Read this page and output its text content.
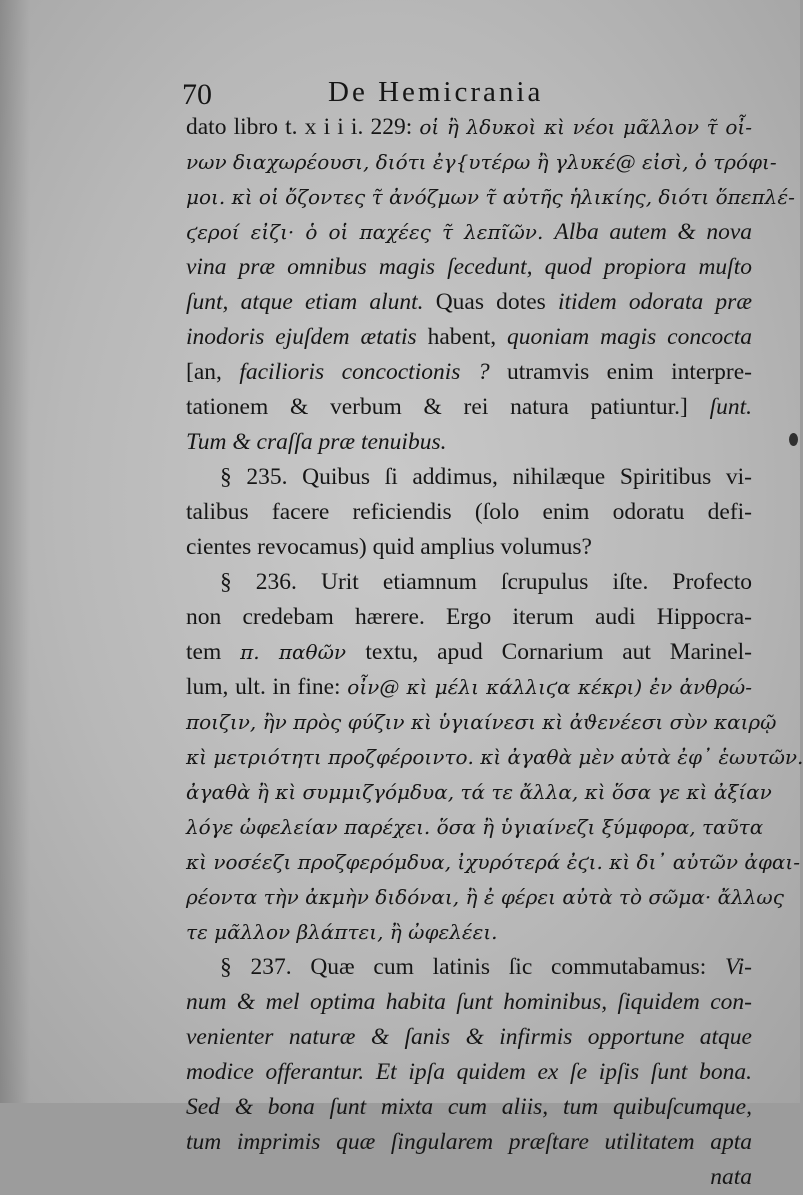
70	De Hemicrania
dato libro t. x i i i. 229: οἱ ἢ λδυκοὶ κὶ νέοι μᾶλλον τ̃ οἶ-
νων διαχωρέουσι, διότι ἐγ{υτέρω ἢ γλυκέ@ εἰσὶ, ὁ τρόφι-
μοι. κὶ οἱ ὄζοντες τ̃ ἀνόζμων τ̃ αὐτῆς ἡλικίης, διότι ὅπεπλέ-
ϛεροί εἰζι· ὁ οἱ παχέες τ̃ λεπῖῶν. Alba autem & nova
vina præ omnibus magis ſecedunt, quod propiora muſto
ſunt, atque etiam alunt. Quas dotes itidem odorata præ
inodoris ejuſdem ætatis habent, quoniam magis concocta
[an, facilioris concoctionis ? utramvis enim interpre-
tationem & verbum & rei natura patiuntur.] ſunt.
Tum & craſſa præ tenuibus.
§ 235. Quibus ſi addimus, nihilæque Spiritibus vi-
talibus facere reficiendis (ſolo enim odoratu defi-
cientes revocamus) quid amplius volumus?
§ 236. Urit etiamnum ſcrupulus iſte. Profecto
non credebam hærere. Ergo iterum audi Hippocra-
tem π. παθῶν textu, apud Cornarium aut Marinel-
lum, ult. in fine: οἶν@ κὶ μέλι κάλλιϛα κέκρι) ἐν ἀνθρώ-
ποιζιν, ἢν πρὸς φύζιν κὶ ὑγιαίνεσι κὶ ἀϑενέεσι σὺν καιρῷ
κὶ μετριότητι προζφέροιντο. κὶ ἀγαθὰ μὲν αὐτὰ ἐφ᾽ ἑωυτῶν.
ἀγαθὰ ἢ κὶ συμμιζγόμδυα, τά τε ἄλλα, κὶ ὅσα γε κὶ ἀξίαν
λόγε ὠφελείαν παρέχει. ὅσα ἢ ὑγιαίνεζι ξύμφορα, ταῦτα
κὶ νοσέεζι προζφερόμδυα, ἰχυρότερά ἐϛι. κὶ δι᾽ αὐτῶν ἀφαι-
ρέοντα τὴν ἀκμὴν διδόναι, ἢ ἐ φέρει αὐτὰ τὸ σῶμα· ἄλλως
τε μᾶλλον βλάπτει, ἢ ὠφελέει.
§ 237. Quæ cum latinis ſic commutabamus: Vi-
num & mel optima habita ſunt hominibus, ſiquidem con-
venienter naturæ & ſanis & infirmis opportune atque
modice offerantur. Et ipſa quidem ex ſe ipſis ſunt bona.
Sed & bona ſunt mixta cum aliis, tum quibuſcumque,
tum imprimis quæ ſingularem præſtare utilitatem apta
nata
